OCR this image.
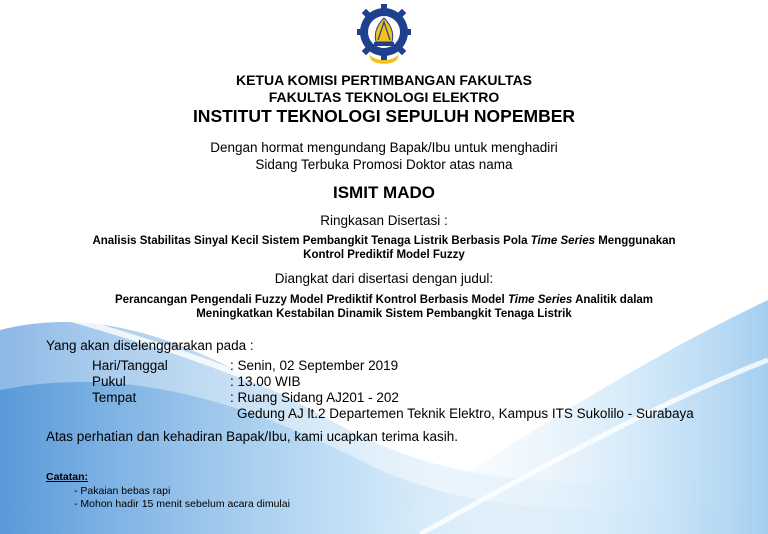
KETUA KOMISI PERTIMBANGAN FAKULTAS
FAKULTAS TEKNOLOGI ELEKTRO
INSTITUT TEKNOLOGI SEPULUH NOPEMBER
Dengan hormat mengundang Bapak/Ibu untuk menghadiri
Sidang Terbuka Promosi Doktor atas nama
ISMIT MADO
Ringkasan Disertasi :
Analisis Stabilitas Sinyal Kecil Sistem Pembangkit Tenaga Listrik Berbasis Pola Time Series Menggunakan
Kontrol Prediktif Model Fuzzy
Diangkat dari disertasi dengan judul:
Perancangan Pengendali Fuzzy Model Prediktif Kontrol Berbasis Model Time Series Analitik dalam
Meningkatkan Kestabilan Dinamik Sistem Pembangkit Tenaga Listrik
Yang akan diselenggarakan pada :
Hari/Tanggal	: Senin, 02 September 2019
Pukul	: 13.00 WIB
Tempat	: Ruang Sidang AJ201 - 202
Gedung AJ lt.2 Departemen Teknik Elektro, Kampus ITS Sukolilo - Surabaya
Atas perhatian dan kehadiran Bapak/Ibu, kami ucapkan terima kasih.
Catatan:
- Pakaian bebas rapi
- Mohon hadir 15 menit sebelum acara dimulai
